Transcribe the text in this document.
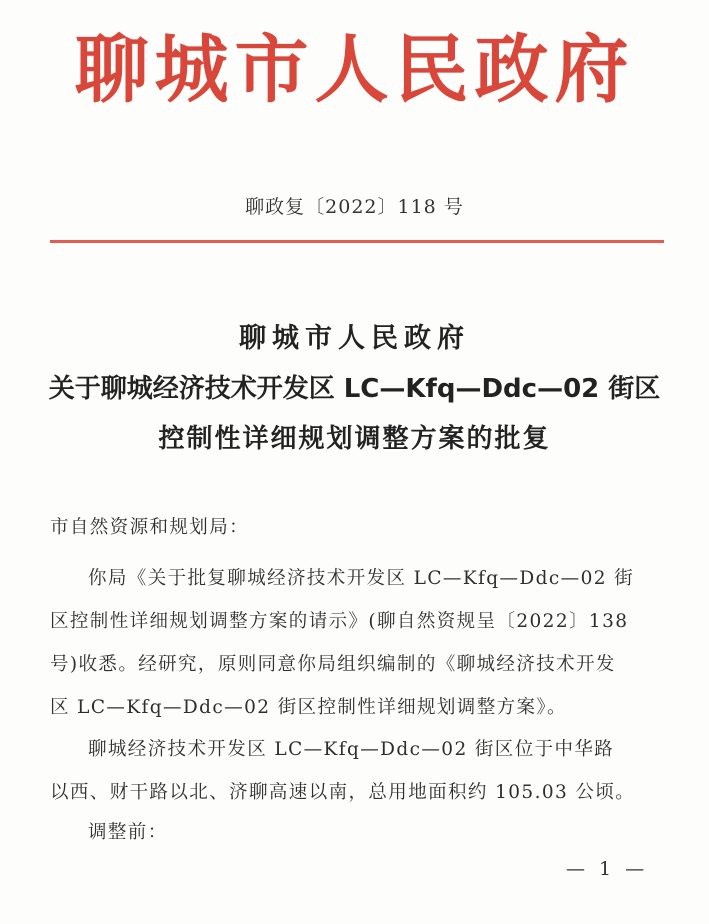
聊城市人民政府
聊政复〔2022〕118 号
聊城市人民政府
关于聊城经济技术开发区 LC—Kfq—Ddc—02 街区
控制性详细规划调整方案的批复
市自然资源和规划局：
你局《关于批复聊城经济技术开发区 LC—Kfq—Ddc—02 街
区控制性详细规划调整方案的请示》(聊自然资规呈〔2022〕138
号)收悉。经研究，原则同意你局组织编制的《聊城经济技术开发
区 LC—Kfq—Ddc—02 街区控制性详细规划调整方案》。
聊城经济技术开发区 LC—Kfq—Ddc—02 街区位于中华路
以西、财干路以北、济聊高速以南，总用地面积约 105.03 公顷。
调整前：
— 1 —
